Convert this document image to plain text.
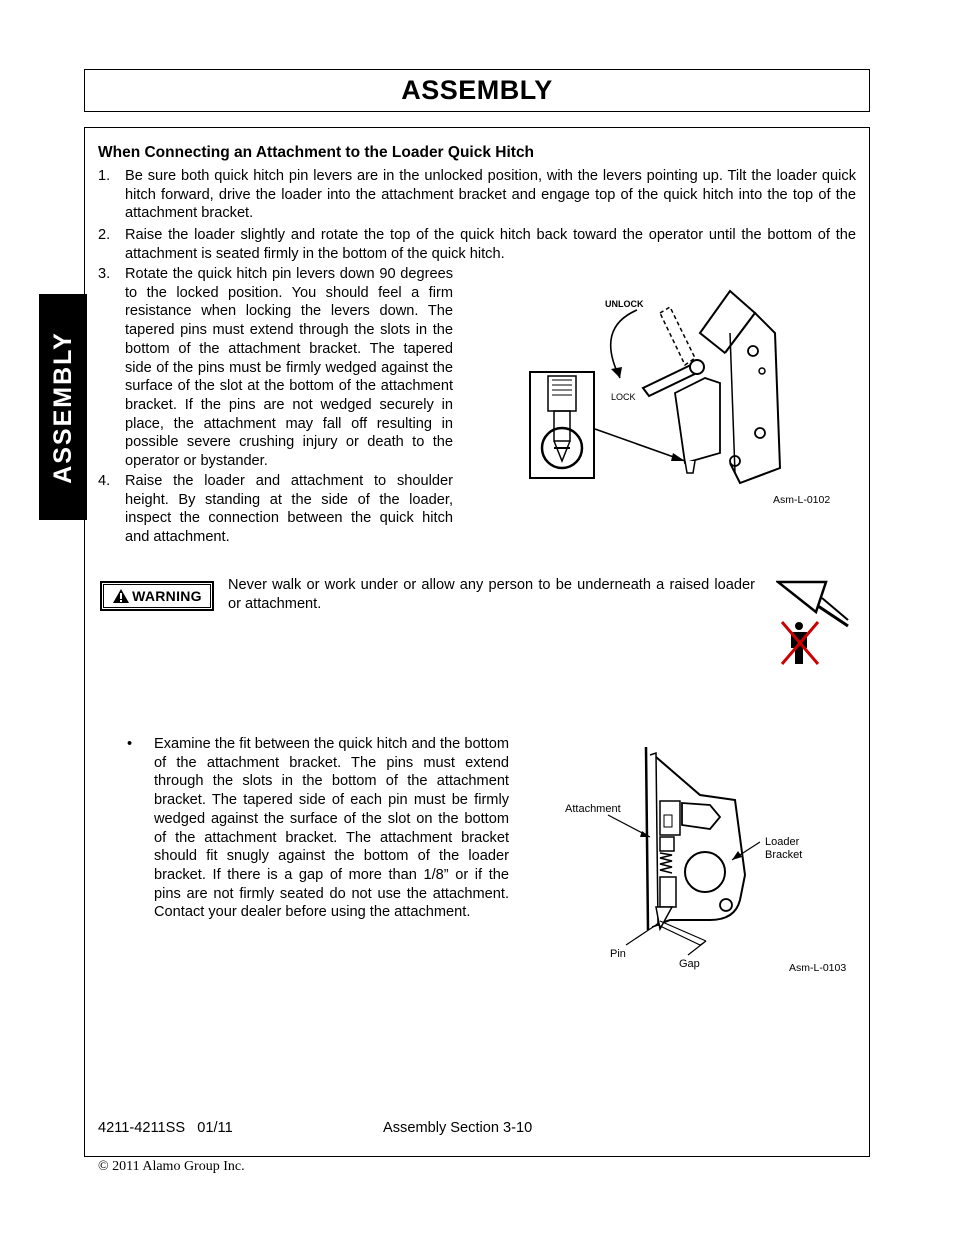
ASSEMBLY
ASSEMBLY
When Connecting an Attachment to the Loader Quick Hitch
1. Be sure both quick hitch pin levers are in the unlocked position, with the levers pointing up. Tilt the loader quick hitch forward, drive the loader into the attachment bracket and engage top of the quick hitch into the top of the attachment bracket.
2. Raise the loader slightly and rotate the top of the quick hitch back toward the operator until the bottom of the attachment is seated firmly in the bottom of the quick hitch.
3. Rotate the quick hitch pin levers down 90 degrees to the locked position. You should feel a firm resistance when locking the levers down. The tapered pins must extend through the slots in the bottom of the attachment bracket. The tapered side of the pins must be firmly wedged against the surface of the slot at the bottom of the attachment bracket. If the pins are not wedged securely in place, the attachment may fall off resulting in possible severe crushing injury or death to the operator or bystander.
4. Raise the loader and attachment to shoulder height. By standing at the side of the loader, inspect the connection between the quick hitch and attachment.
UNLOCK
LOCK
Asm-L-0102
WARNING
Never walk or work under or allow any person to be underneath a raised loader or attachment.
• Examine the fit between the quick hitch and the bottom of the attachment bracket. The pins must extend through the slots in the bottom of the attachment bracket. The tapered side of each pin must be firmly wedged against the surface of the slot on the bottom of the attachment bracket. The attachment bracket should fit snugly against the bottom of the loader bracket. If there is a gap of more than 1/8” or if the pins are not firmly seated do not use the attachment. Contact your dealer before using the attachment.
Attachment
Loader
Bracket
Pin
Gap	Asm-L-0103
4211-4211SS   01/11	Assembly Section 3-10
© 2011 Alamo Group Inc.
